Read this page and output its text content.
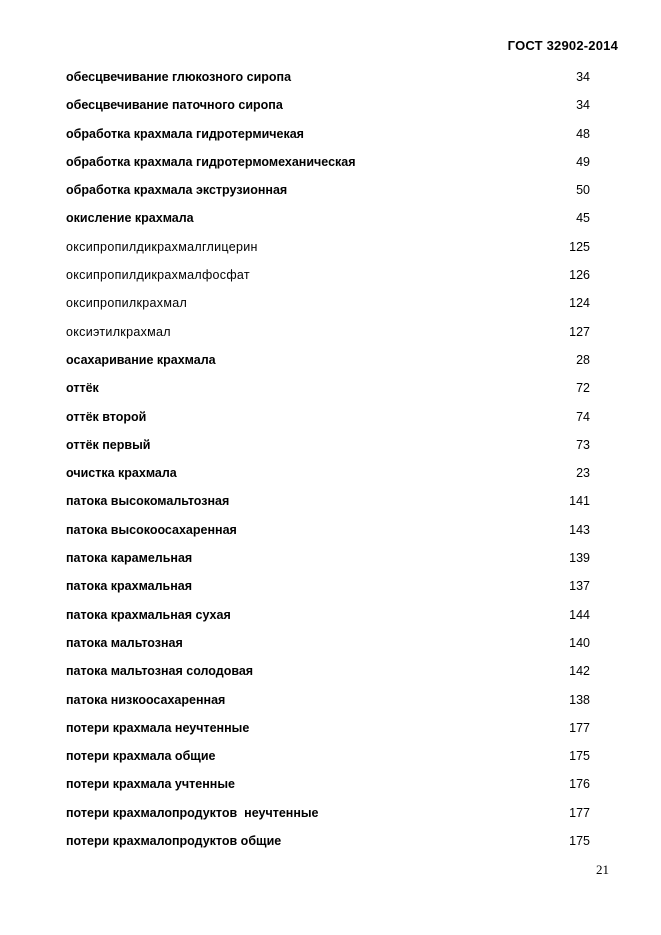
ГОСТ 32902-2014
обесцвечивание глюкозного сиропа	34
обесцвечивание паточного сиропа	34
обработка крахмала гидротермичекая	48
обработка крахмала гидротермомеханическая	49
обработка крахмала экструзионная	50
окисление крахмала	45
оксипропилдикрахмалглицерин	125
оксипропилдикрахмалфосфат	126
оксипропилкрахмал	124
оксиэтилкрахмал	127
осахаривание крахмала	28
оттёк	72
оттёк второй	74
оттёк первый	73
очистка крахмала	23
патока высокомальтозная	141
патока высокоосахаренная	143
патока карамельная	139
патока крахмальная	137
патока крахмальная сухая	144
патока мальтозная	140
патока мальтозная солодовая	142
патока низкоосахаренная	138
потери крахмала неучтенные	177
потери крахмала общие	175
потери крахмала учтенные	176
потери крахмалопродуктов  неучтенные	177
потери крахмалопродуктов общие	175
21
